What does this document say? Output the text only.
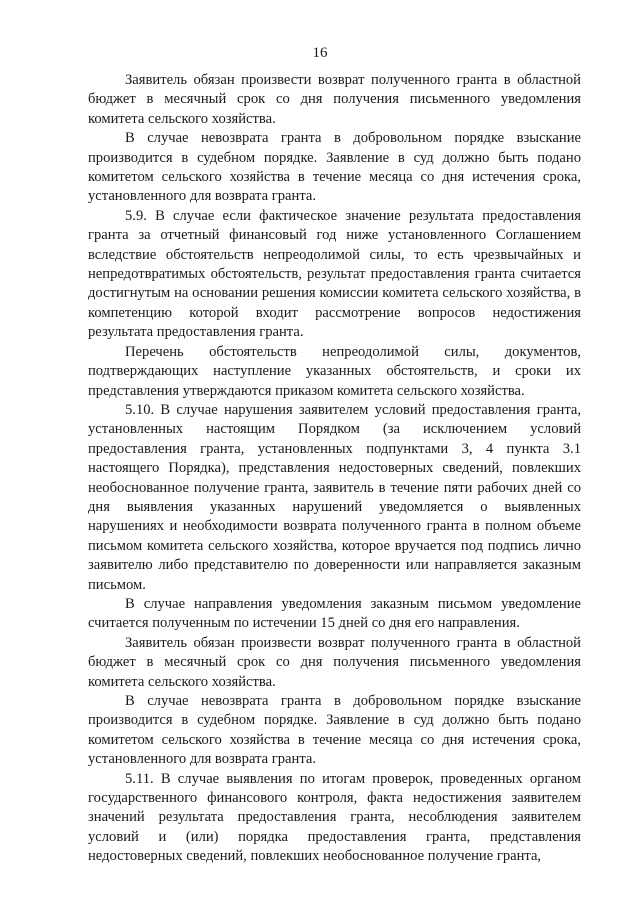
16

Заявитель обязан произвести возврат полученного гранта в областной бюджет в месячный срок со дня получения письменного уведомления комитета сельского хозяйства.

В случае невозврата гранта в добровольном порядке взыскание производится в судебном порядке. Заявление в суд должно быть подано комитетом сельского хозяйства в течение месяца со дня истечения срока, установленного для возврата гранта.

5.9. В случае если фактическое значение результата предоставления гранта за отчетный финансовый год ниже установленного Соглашением вследствие обстоятельств непреодолимой силы, то есть чрезвычайных и непредотвратимых обстоятельств, результат предоставления гранта считается достигнутым на основании решения комиссии комитета сельского хозяйства, в компетенцию которой входит рассмотрение вопросов недостижения результата предоставления гранта.

Перечень обстоятельств непреодолимой силы, документов, подтверждающих наступление указанных обстоятельств, и сроки их представления утверждаются приказом комитета сельского хозяйства.

5.10. В случае нарушения заявителем условий предоставления гранта, установленных настоящим Порядком (за исключением условий предоставления гранта, установленных подпунктами 3, 4 пункта 3.1 настоящего Порядка), представления недостоверных сведений, повлекших необоснованное получение гранта, заявитель в течение пяти рабочих дней со дня выявления указанных нарушений уведомляется о выявленных нарушениях и необходимости возврата полученного гранта в полном объеме письмом комитета сельского хозяйства, которое вручается под подпись лично заявителю либо представителю по доверенности или направляется заказным письмом.

В случае направления уведомления заказным письмом уведомление считается полученным по истечении 15 дней со дня его направления.

Заявитель обязан произвести возврат полученного гранта в областной бюджет в месячный срок со дня получения письменного уведомления комитета сельского хозяйства.

В случае невозврата гранта в добровольном порядке взыскание производится в судебном порядке. Заявление в суд должно быть подано комитетом сельского хозяйства в течение месяца со дня истечения срока, установленного для возврата гранта.

5.11. В случае выявления по итогам проверок, проведенных органом государственного финансового контроля, факта недостижения заявителем значений результата предоставления гранта, несоблюдения заявителем условий и (или) порядка предоставления гранта, представления недостоверных сведений, повлекших необоснованное получение гранта,
